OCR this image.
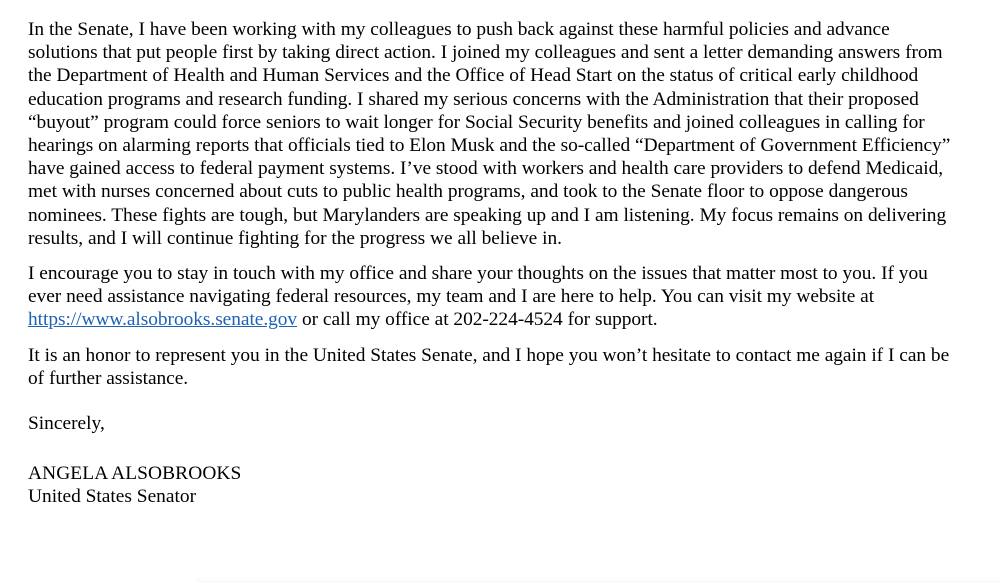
In the Senate, I have been working with my colleagues to push back against these harmful policies and advance solutions that put people first by taking direct action. I joined my colleagues and sent a letter demanding answers from the Department of Health and Human Services and the Office of Head Start on the status of critical early childhood education programs and research funding. I shared my serious concerns with the Administration that their proposed “buyout” program could force seniors to wait longer for Social Security benefits and joined colleagues in calling for hearings on alarming reports that officials tied to Elon Musk and the so-called “Department of Government Efficiency” have gained access to federal payment systems. I’ve stood with workers and health care providers to defend Medicaid, met with nurses concerned about cuts to public health programs, and took to the Senate floor to oppose dangerous nominees. These fights are tough, but Marylanders are speaking up and I am listening. My focus remains on delivering results, and I will continue fighting for the progress we all believe in.

I encourage you to stay in touch with my office and share your thoughts on the issues that matter most to you. If you ever need assistance navigating federal resources, my team and I are here to help. You can visit my website at https://www.alsobrooks.senate.gov or call my office at 202-224-4524 for support.

It is an honor to represent you in the United States Senate, and I hope you won’t hesitate to contact me again if I can be of further assistance.

Sincerely,

ANGELA ALSOBROOKS
United States Senator
